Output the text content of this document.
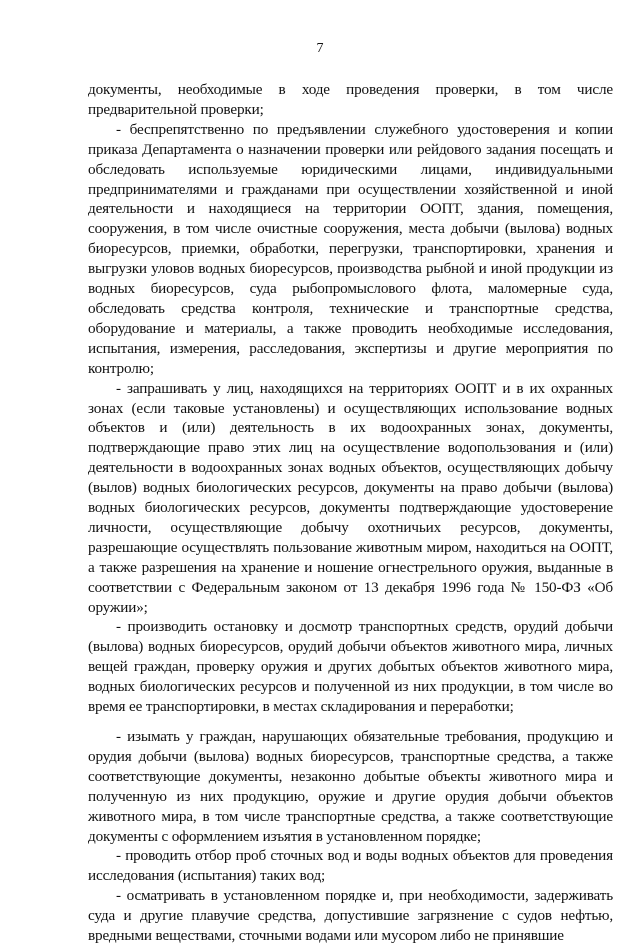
7

документы, необходимые в ходе проведения проверки, в том числе предварительной проверки;

- беспрепятственно по предъявлении служебного удостоверения и копии приказа Департамента о назначении проверки или рейдового задания посещать и обследовать используемые юридическими лицами, индивидуальными предпринимателями и гражданами при осуществлении хозяйственной и иной деятельности и находящиеся на территории ООПТ, здания, помещения, сооружения, в том числе очистные сооружения, места добычи (вылова) водных биоресурсов, приемки, обработки, перегрузки, транспортировки, хранения и выгрузки уловов водных биоресурсов, производства рыбной и иной продукции из водных биоресурсов, суда рыбопромыслового флота, маломерные суда, обследовать средства контроля, технические и транспортные средства, оборудование и материалы, а также проводить необходимые исследования, испытания, измерения, расследования, экспертизы и другие мероприятия по контролю;

- запрашивать у лиц, находящихся на территориях ООПТ и в их охранных зонах (если таковые установлены) и осуществляющих использование водных объектов и (или) деятельность в их водоохранных зонах, документы, подтверждающие право этих лиц на осуществление водопользования и (или) деятельности в водоохранных зонах водных объектов, осуществляющих добычу (вылов) водных биологических ресурсов, документы на право добычи (вылова) водных биологических ресурсов, документы подтверждающие удостоверение личности, осуществляющие добычу охотничьих ресурсов, документы, разрешающие осуществлять пользование животным миром, находиться на ООПТ, а также разрешения на хранение и ношение огнестрельного оружия, выданные в соответствии с Федеральным законом от 13 декабря 1996 года № 150-ФЗ «Об оружии»;

- производить остановку и досмотр транспортных средств, орудий добычи (вылова) водных биоресурсов, орудий добычи объектов животного мира, личных вещей граждан, проверку оружия и других добытых объектов животного мира, водных биологических ресурсов и полученной из них продукции, в том числе во время ее транспортировки, в местах складирования и переработки;

- изымать у граждан, нарушающих обязательные требования, продукцию и орудия добычи (вылова) водных биоресурсов, транспортные средства, а также соответствующие документы, незаконно добытые объекты животного мира и полученную из них продукцию, оружие и другие орудия добычи объектов животного мира, в том числе транспортные средства, а также соответствующие документы с оформлением изъятия в установленном порядке;

- проводить отбор проб сточных вод и воды водных объектов для проведения исследования (испытания) таких вод;

- осматривать в установленном порядке и, при необходимости, задерживать суда и другие плавучие средства, допустившие загрязнение с судов нефтью, вредными веществами, сточными водами или мусором либо не принявшие
